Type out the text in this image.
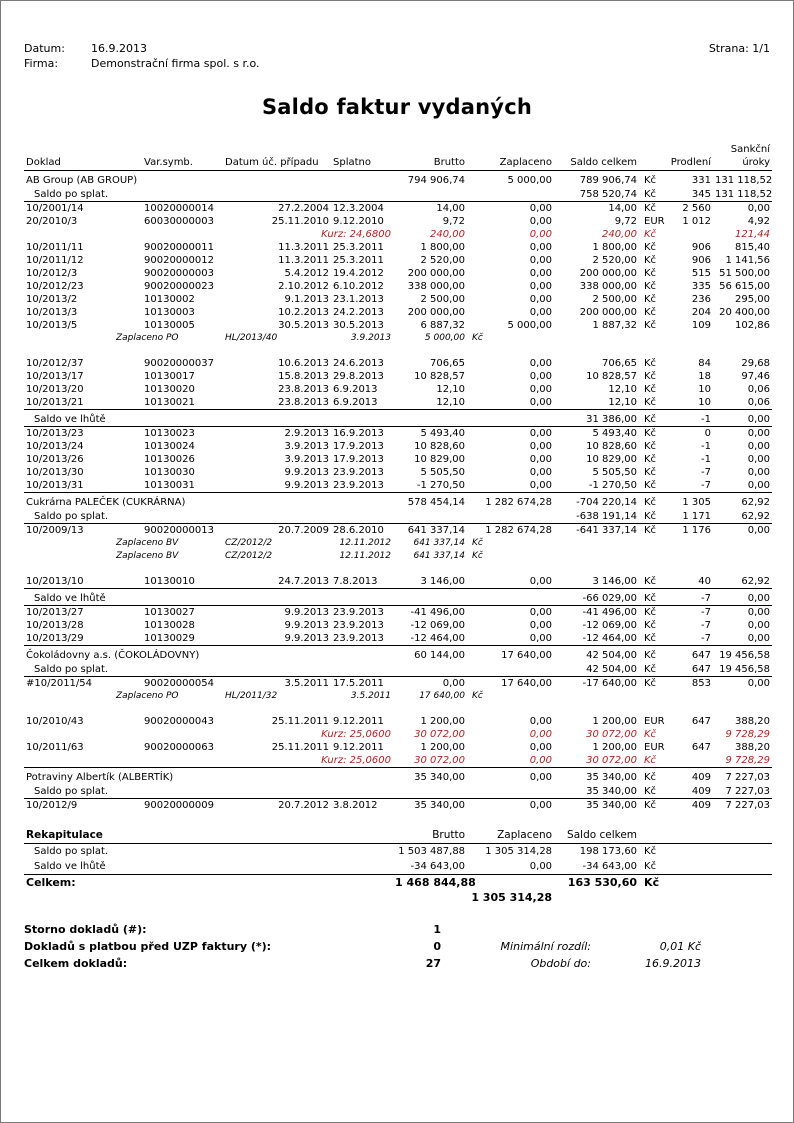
Datum:	16.9.2013	Strana: 1/1
Firma:	Demonstrační firma spol. s r.o.
Saldo faktur vydaných
Doklad	Var.symb.	Datum úč. případu	Splatno	Brutto	Zaplaceno	Saldo celkem	Prodlení		Sankční
úroky

AB Group (AB GROUP)				794 906,74	5 000,00	789 906,74	Kč	331	131 118,52
Saldo po splat.						758 520,74	Kč	345	131 118,52
10/2001/14	10020000014	27.2.2004	12.3.2004	14,00	0,00	14,00	Kč	2 560	0,00
20/2010/3	60030000003	25.11.2010	9.12.2010	9,72	0,00	9,72	EUR	1 012	4,92
		Kurz: 24,6800		240,00	0,00	240,00	Kč		121,44
10/2011/11	90020000011	11.3.2011	25.3.2011	1 800,00	0,00	1 800,00	Kč	906	815,40
10/2011/12	90020000012	11.3.2011	25.3.2011	2 520,00	0,00	2 520,00	Kč	906	1 141,56
10/2012/3	90020000003	5.4.2012	19.4.2012	200 000,00	0,00	200 000,00	Kč	515	51 500,00
10/2012/23	90020000023	2.10.2012	6.10.2012	338 000,00	0,00	338 000,00	Kč	335	56 615,00
10/2013/2	10130002	9.1.2013	23.1.2013	2 500,00	0,00	2 500,00	Kč	236	295,00
10/2013/3	10130003	10.2.2013	24.2.2013	200 000,00	0,00	200 000,00	Kč	204	20 400,00
10/2013/5	10130005	30.5.2013	30.5.2013	6 887,32	5 000,00	1 887,32	Kč	109	102,86
Zaplaceno PO		HL/2013/40	3.9.2013	5 000,00	Kč				

10/2012/37	90020000037	10.6.2013	24.6.2013	706,65	0,00	706,65	Kč	84	29,68
10/2013/17	10130017	15.8.2013	29.8.2013	10 828,57	0,00	10 828,57	Kč	18	97,46
10/2013/20	10130020	23.8.2013	6.9.2013	12,10	0,00	12,10	Kč	10	0,06
10/2013/21	10130021	23.8.2013	6.9.2013	12,10	0,00	12,10	Kč	10	0,06
Saldo ve lhůtě						31 386,00	Kč	-1	0,00
10/2013/23	10130023	2.9.2013	16.9.2013	5 493,40	0,00	5 493,40	Kč	0	0,00
10/2013/24	10130024	3.9.2013	17.9.2013	10 828,60	0,00	10 828,60	Kč	-1	0,00
10/2013/26	10130026	3.9.2013	17.9.2013	10 829,00	0,00	10 829,00	Kč	-1	0,00
10/2013/30	10130030	9.9.2013	23.9.2013	5 505,50	0,00	5 505,50	Kč	-7	0,00
10/2013/31	10130031	9.9.2013	23.9.2013	-1 270,50	0,00	-1 270,50	Kč	-7	0,00
Cukrárna PALEČEK (CUKRÁRNA)				578 454,14	1 282 674,28	-704 220,14	Kč	1 305	62,92
Saldo po splat.						-638 191,14	Kč	1 171	62,92
10/2009/13	90020000013	20.7.2009	28.6.2010	641 337,14	1 282 674,28	-641 337,14	Kč	1 176	0,00
Zaplaceno BV		CZ/2012/2	12.11.2012	641 337,14	Kč				
Zaplaceno BV		CZ/2012/2	12.11.2012	641 337,14	Kč				

10/2013/10	10130010	24.7.2013	7.8.2013	3 146,00	0,00	3 146,00	Kč	40	62,92
Saldo ve lhůtě						-66 029,00	Kč	-7	0,00
10/2013/27	10130027	9.9.2013	23.9.2013	-41 496,00	0,00	-41 496,00	Kč	-7	0,00
10/2013/28	10130028	9.9.2013	23.9.2013	-12 069,00	0,00	-12 069,00	Kč	-7	0,00
10/2013/29	10130029	9.9.2013	23.9.2013	-12 464,00	0,00	-12 464,00	Kč	-7	0,00
Čokoládovny a.s. (ČOKOLÁDOVNY)				60 144,00	17 640,00	42 504,00	Kč	647	19 456,58
Saldo po splat.						42 504,00	Kč	647	19 456,58
#10/2011/54	90020000054	3.5.2011	17.5.2011	0,00	17 640,00	-17 640,00	Kč	853	0,00
Zaplaceno PO		HL/2011/32	3.5.2011	17 640,00	Kč				

10/2010/43	90020000043	25.11.2011	9.12.2011	1 200,00	0,00	1 200,00	EUR	647	388,20
		Kurz: 25,0600		30 072,00	0,00	30 072,00	Kč		9 728,29
10/2011/63	90020000063	25.11.2011	9.12.2011	1 200,00	0,00	1 200,00	EUR	647	388,20
		Kurz: 25,0600		30 072,00	0,00	30 072,00	Kč		9 728,29
Potraviny Albertík (ALBERTÍK)				35 340,00	0,00	35 340,00	Kč	409	7 227,03
Saldo po splat.						35 340,00	Kč	409	7 227,03
10/2012/9	90020000009	20.7.2012	3.8.2012	35 340,00	0,00	35 340,00	Kč	409	7 227,03
Rekapitulace	Brutto	Zaplaceno	Saldo celkem		
Saldo po splat.	1 503 487,88	1 305 314,28	198 173,60	Kč	
Saldo ve lhůtě	-34 643,00	0,00	-34 643,00	Kč	
Celkem:	1 468 844,88		163 530,60	Kč	
		1 305 314,28			
Storno dokladů (#):	1
Dokladů s platbou před UZP faktury (*):	0	Minimální rozdíl:	0,01 Kč
Celkem dokladů:	27	Období do:	16.9.2013
